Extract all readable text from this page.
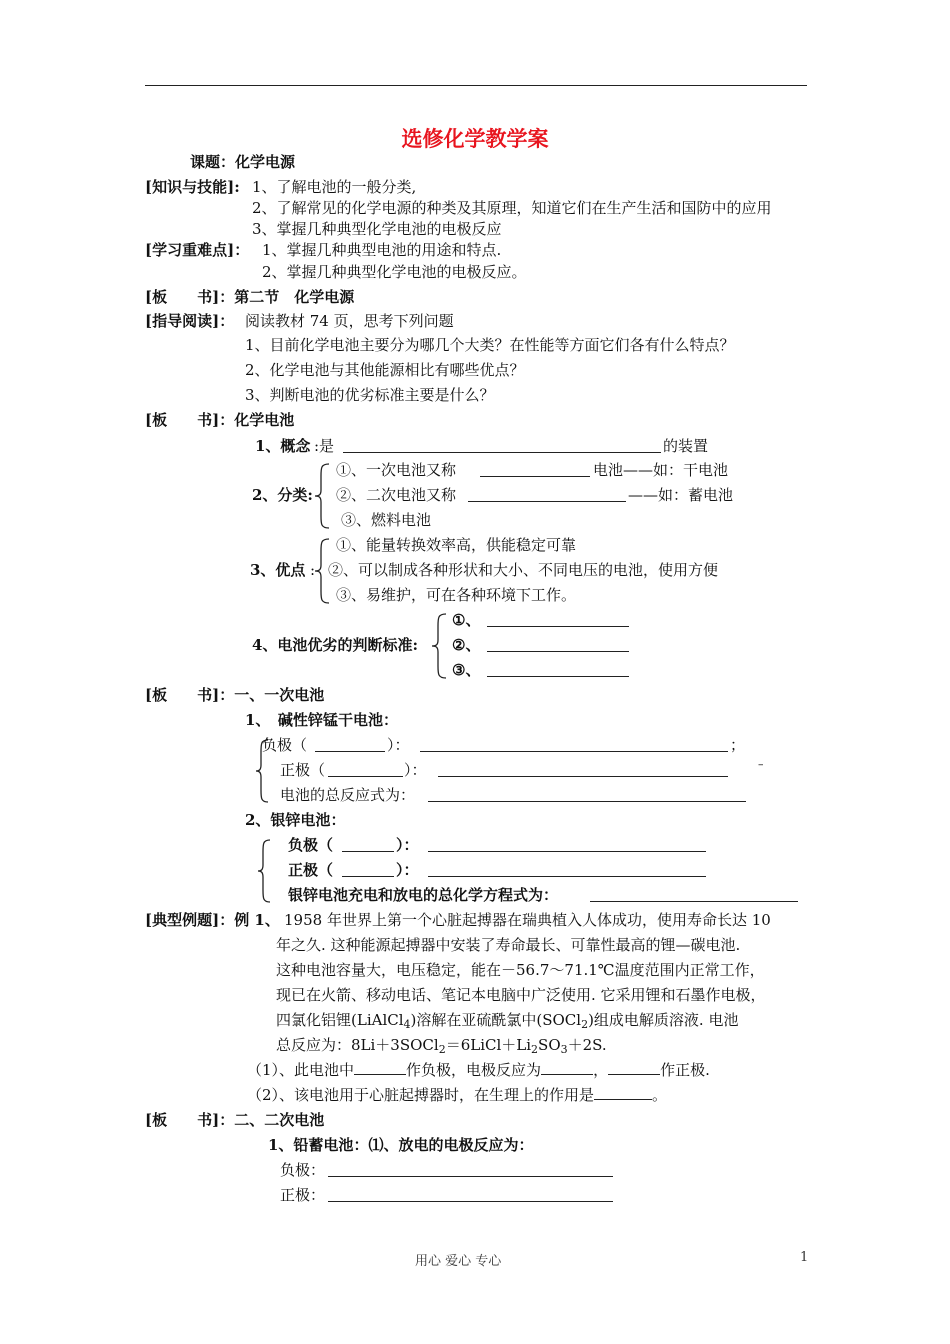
选修化学教学案
课题：化学电源
[知识与技能]: 1、了解电池的一般分类,
2、了解常见的化学电源的种类及其原理，知道它们在生产生活和国防中的应用
3、掌握几种典型化学电池的电极反应
[学习重难点]： 1、掌握几种典型电池的用途和特点.
2、掌握几种典型化学电池的电极反应。
[板　　书]：第二节　化学电源
[指导阅读]： 阅读教材 74 页，思考下列问题
1、目前化学电池主要分为哪几个大类？在性能等方面它们各有什么特点？
2、化学电池与其他能源相比有哪些优点？
3、判断电池的优劣标准主要是什么？
[板　　书]：化学电池
1、概念 :是	的装置
2、分类:
①、一次电池又称	电池——如：干电池
②、二次电池又称	——如：蓄电池
③、燃料电池
3、优点 :
①、能量转换效率高，供能稳定可靠
②、可以制成各种形状和大小、不同电压的电池，使用方便
③、易维护，可在各种环境下工作。
4、电池优劣的判断标准:
①、
②、
③、
[板　　书]：一、一次电池
1、　碱性锌锰干电池：
负极（	）：	；
正极（	）：	–
电池的总反应式为：
2、银锌电池：
负极（	）：
正极（	）：
银锌电池充电和放电的总化学方程式为：
[典型例题]：例 1、 1958 年世界上第一个心脏起搏器在瑞典植入人体成功，使用寿命长达 10
年之久. 这种能源起搏器中安装了寿命最长、可靠性最高的锂—碳电池.
这种电池容量大，电压稳定，能在－56.7～71.1℃温度范围内正常工作，
现已在火箭、移动电话、笔记本电脑中广泛使用. 它采用锂和石墨作电极，
四氯化铝锂(LiAlCl$_4$)溶解在亚硫酰氯中(SOCl$_2$)组成电解质溶液. 电池
总反应为：$8Li+3SOCl_2=6LiCl+Li_2SO_3+2S$.
（1）、此电池中	作负极，电极反应为	，	作正极.
（2）、该电池用于心脏起搏器时，在生理上的作用是	。
[板　　书]：二、二次电池
1、铅蓄电池：⑴、放电的电极反应为：
负极：
正极：
用心 爱心 专心	1
